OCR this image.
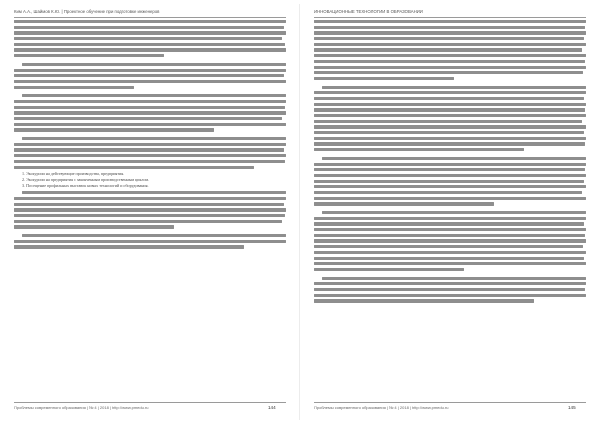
Ким А.А., Шаймов К.Ю. | Проектное обучение при подготовке инженеров
1. Экскурсии на действующие производства, предприятия.
2. Экскурсии на предприятия с законченным производственным циклом.
3. Посещение профильных выставок новых технологий и оборудования.
Проблемы современного образования | № 4 | 2018 | http://www.pmedu.ru	144
ИННОВАЦИОННЫЕ ТЕХНОЛОГИИ В ОБРАЗОВАНИИ
Проблемы современного образования | № 4 | 2018 | http://www.pmedu.ru	145
